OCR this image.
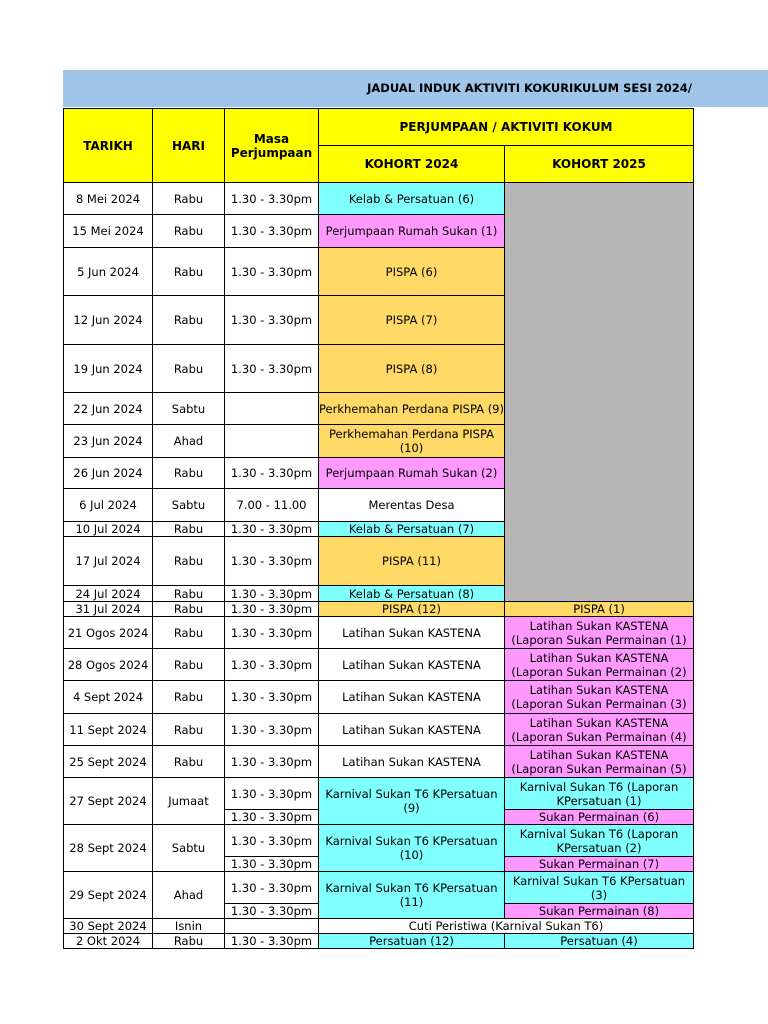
JADUAL INDUK AKTIVITI KOKURIKULUM SESI 2024/
TARIKH	HARI	Masa Perjumpaan	PERJUMPAAN / AKTIVITI KOKUM	
			KOHORT 2024	KOHORT 2025
8 Mei 2024	Rabu	1.30 - 3.30pm	Kelab & Persatuan (6)	
15 Mei 2024	Rabu	1.30 - 3.30pm	Perjumpaan Rumah Sukan (1)	
5 Jun 2024	Rabu	1.30 - 3.30pm	PISPA (6)	
12 Jun 2024	Rabu	1.30 - 3.30pm	PISPA (7)	
19 Jun 2024	Rabu	1.30 - 3.30pm	PISPA (8)	
22 Jun 2024	Sabtu		Perkhemahan Perdana PISPA (9)	
23 Jun 2024	Ahad		Perkhemahan Perdana PISPA (10)	
26 Jun 2024	Rabu	1.30 - 3.30pm	Perjumpaan Rumah Sukan (2)	
6 Jul 2024	Sabtu	7.00 - 11.00	Merentas Desa	
10 Jul 2024	Rabu	1.30 - 3.30pm	Kelab & Persatuan (7)	
17 Jul 2024	Rabu	1.30 - 3.30pm	PISPA (11)	
24 Jul 2024	Rabu	1.30 - 3.30pm	Kelab & Persatuan (8)	
31 Jul 2024	Rabu	1.30 - 3.30pm	PISPA (12)	PISPA (1)
21 Ogos 2024	Rabu	1.30 - 3.30pm	Latihan Sukan KASTENA	Latihan Sukan KASTENA (Laporan Sukan Permainan (1)
28 Ogos 2024	Rabu	1.30 - 3.30pm	Latihan Sukan KASTENA	Latihan Sukan KASTENA (Laporan Sukan Permainan (2)
4 Sept 2024	Rabu	1.30 - 3.30pm	Latihan Sukan KASTENA	Latihan Sukan KASTENA (Laporan Sukan Permainan (3)
11 Sept 2024	Rabu	1.30 - 3.30pm	Latihan Sukan KASTENA	Latihan Sukan KASTENA (Laporan Sukan Permainan (4)
25 Sept 2024	Rabu	1.30 - 3.30pm	Latihan Sukan KASTENA	Latihan Sukan KASTENA (Laporan Sukan Permainan (5)
27 Sept 2024	Jumaat	1.30 - 3.30pm	Karnival Sukan T6 KPersatuan (9)	Karnival Sukan T6 (Laporan KPersatuan (1)
		1.30 - 3.30pm		Sukan Permainan (6)
28 Sept 2024	Sabtu	1.30 - 3.30pm	Karnival Sukan T6 KPersatuan (10)	Karnival Sukan T6 (Laporan KPersatuan (2)
		1.30 - 3.30pm		Sukan Permainan (7)
29 Sept 2024	Ahad	1.30 - 3.30pm	Karnival Sukan T6 KPersatuan (11)	Karnival Sukan T6 KPersatuan (3)
		1.30 - 3.30pm		Sukan Permainan (8)
30 Sept 2024	Isnin		Cuti Peristiwa (Karnival Sukan T6)	
2 Okt 2024	Rabu	1.30 - 3.30pm	Persatuan (12)	Persatuan (4)
